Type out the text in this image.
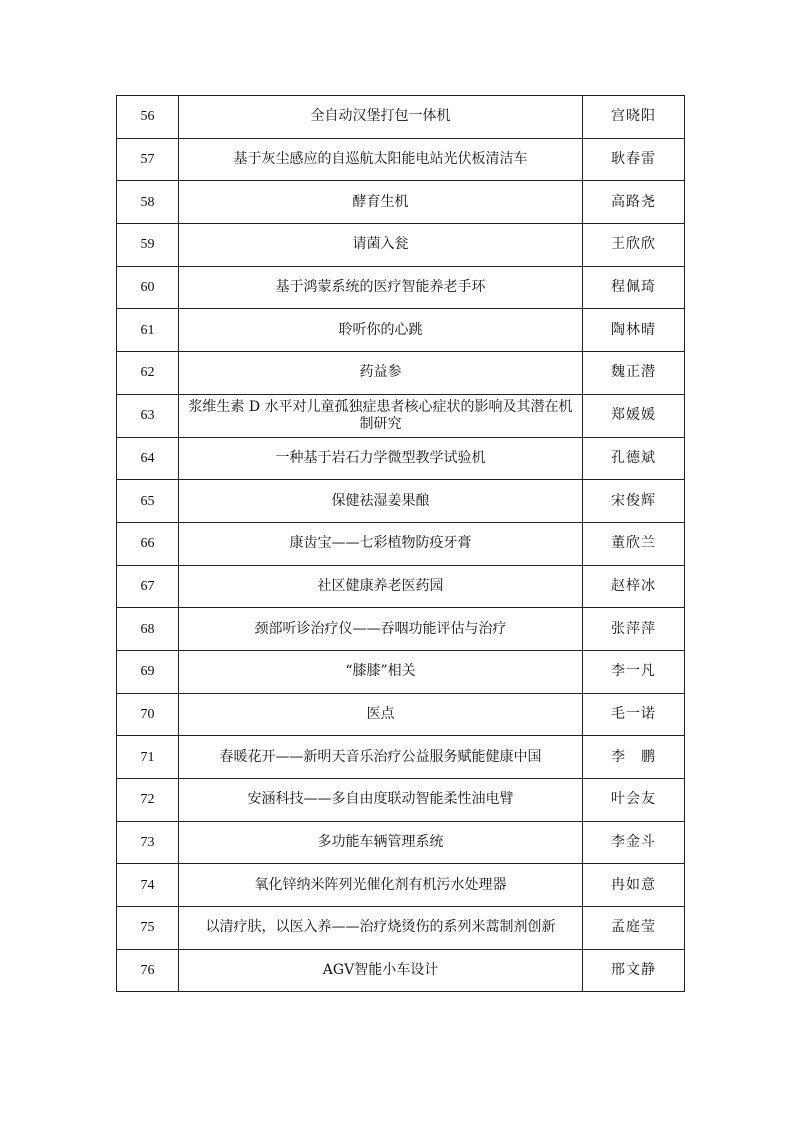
56	全自动汉堡打包一体机	宫晓阳
57	基于灰尘感应的自巡航太阳能电站光伏板清洁车	耿春雷
58	酵育生机	高路尧
59	请菌入瓮	王欣欣
60	基于鸿蒙系统的医疗智能养老手环	程佩琦
61	聆听你的心跳	陶林晴
62	药益参	魏正潜
63	浆维生素 D 水平对儿童孤独症患者核心症状的影响及其潜在机制研究	郑媛媛
64	一种基于岩石力学微型教学试验机	孔德斌
65	保健祛湿姜果酿	宋俊辉
66	康齿宝——七彩植物防疫牙膏	董欣兰
67	社区健康养老医药园	赵梓冰
68	颈部听诊治疗仪——吞咽功能评估与治疗	张萍萍
69	“膝膝”相关	李一凡
70	医点	毛一诺
71	春暖花开——新明天音乐治疗公益服务赋能健康中国	李　鹏
72	安涵科技——多自由度联动智能柔性油电臂	叶会友
73	多功能车辆管理系统	李金斗
74	氧化锌纳米阵列光催化剂有机污水处理器	冉如意
75	以清疗肤，以医入养——治疗烧烫伤的系列米蒿制剂创新	孟庭莹
76	AGV智能小车设计	邢文静
